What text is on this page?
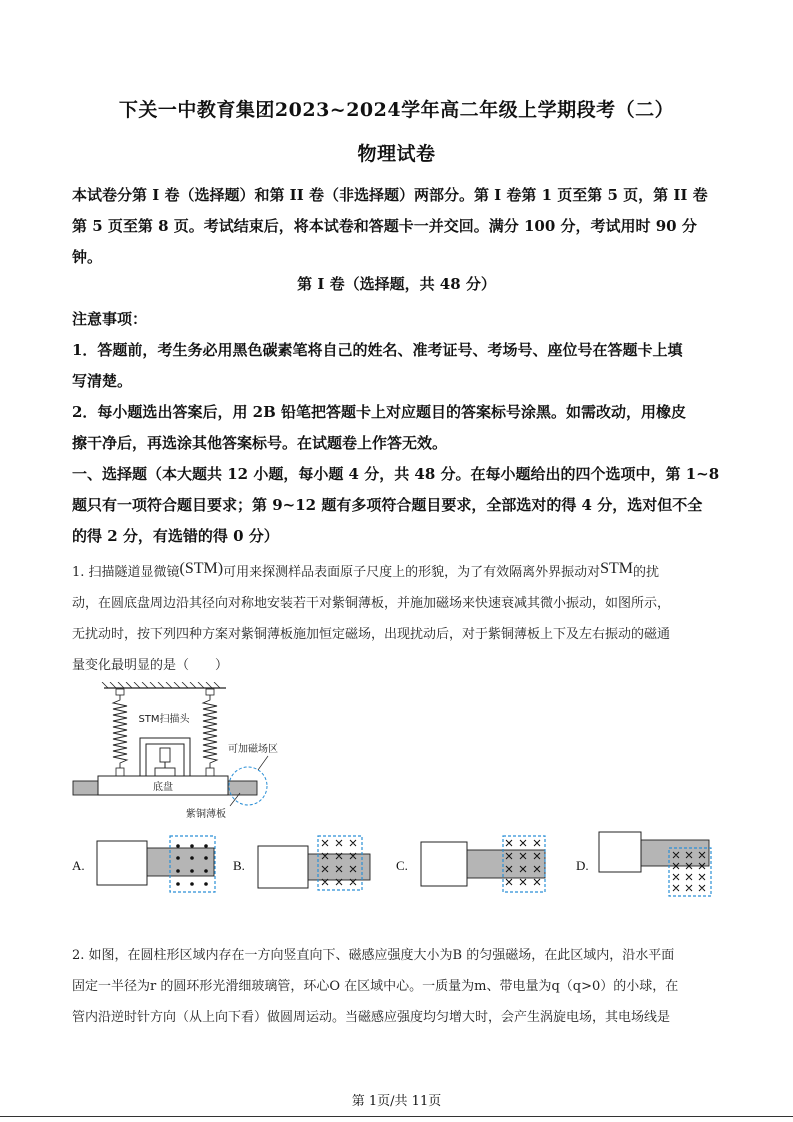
下关一中教育集团2023~2024学年高二年级上学期段考（二）
物理试卷
本试卷分第 I 卷（选择题）和第 II 卷（非选择题）两部分。第 I 卷第 1 页至第 5 页，第 II 卷
第 5 页至第 8 页。考试结束后，将本试卷和答题卡一并交回。满分 100 分，考试用时 90 分
钟。
第 I 卷（选择题，共 48 分）
注意事项：
1．答题前，考生务必用黑色碳素笔将自己的姓名、准考证号、考场号、座位号在答题卡上填
写清楚。
2．每小题选出答案后，用 2B 铅笔把答题卡上对应题目的答案标号涂黑。如需改动，用橡皮
擦干净后，再选涂其他答案标号。在试题卷上作答无效。
一、选择题（本大题共 12 小题，每小题 4 分，共 48 分。在每小题给出的四个选项中，第 1~8
题只有一项符合题目要求；第 9~12 题有多项符合题目要求，全部选对的得 4 分，选对但不全
的得 2 分，有选错的得 0 分）
1. 扫描隧道显微镜(STM)可用来探测样品表面原子尺度上的形貌，为了有效隔离外界振动对STM的扰
动，在圆底盘周边沿其径向对称地安装若干对紫铜薄板，并施加磁场来快速衰减其微小振动，如图所示，
无扰动时，按下列四种方案对紫铜薄板施加恒定磁场，出现扰动后，对于紫铜薄板上下及左右振动的磁通
量变化最明显的是（　　）
STM扫描头
底盘
可加磁场区
紫铜薄板
A.	B.	C.	D.
2. 如图，在圆柱形区域内存在一方向竖直向下、磁感应强度大小为B 的匀强磁场，在此区域内，沿水平面
固定一半径为r 的圆环形光滑细玻璃管，环心O 在区域中心。一质量为m、带电量为q（q>0）的小球，在
管内沿逆时针方向（从上向下看）做圆周运动。当磁感应强度均匀增大时，会产生涡旋电场，其电场线是
第 1页/共 11页
